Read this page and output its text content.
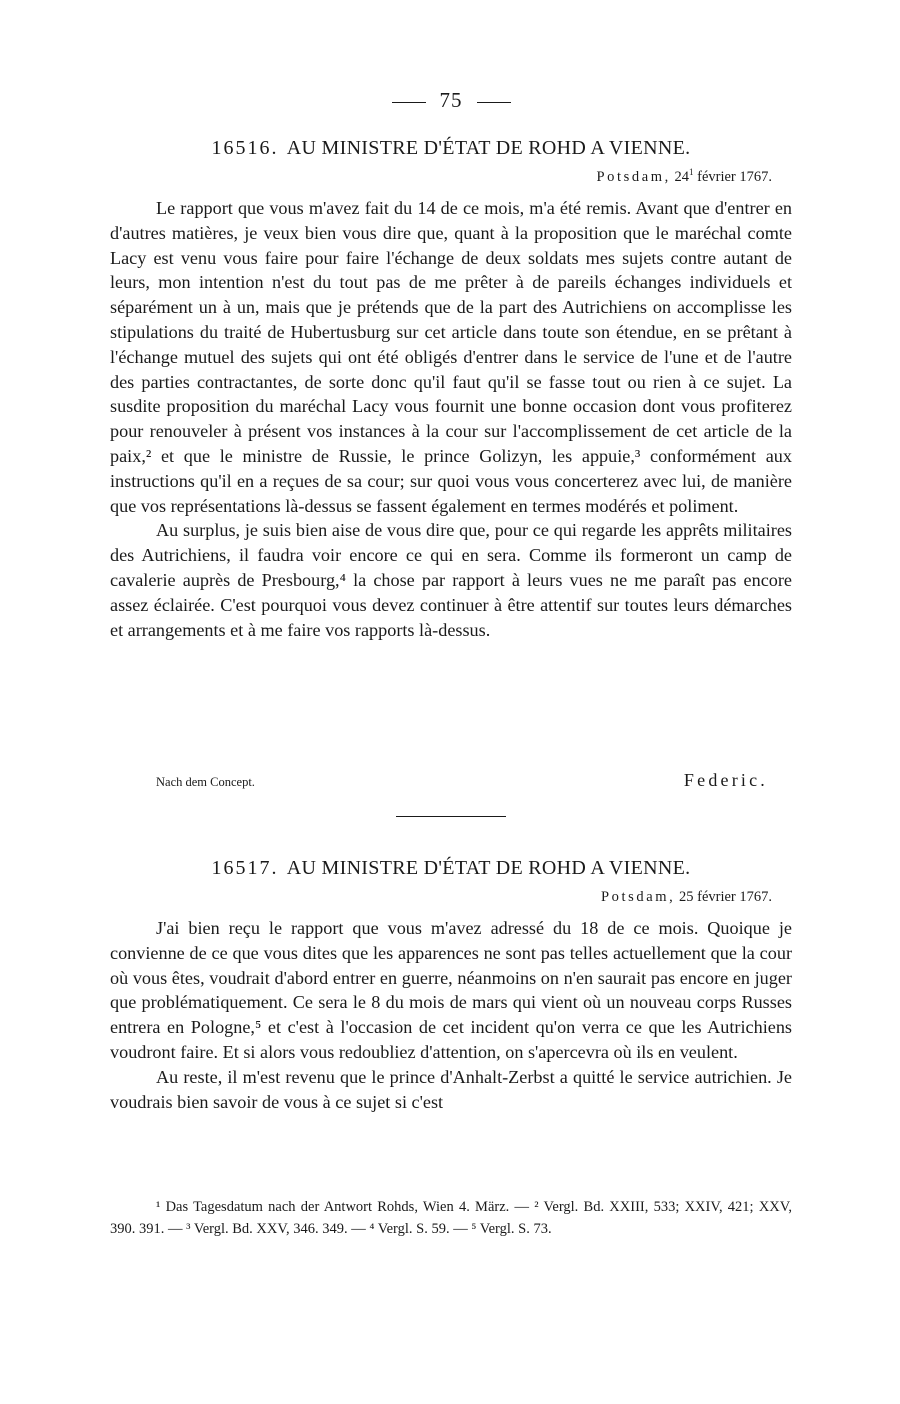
75
16516. AU MINISTRE D'ÉTAT DE ROHD A VIENNE.
Potsdam, $24^1$ février 1767.

Le rapport que vous m'avez fait du 14 de ce mois, m'a été remis. Avant que d'entrer en d'autres matières, je veux bien vous dire que, quant à la proposition que le maréchal comte Lacy est venu vous faire pour faire l'échange de deux soldats mes sujets contre autant de leurs, mon intention n'est du tout pas de me prêter à de pareils échanges individuels et séparément un à un, mais que je prétends que de la part des Autrichiens on accomplisse les stipulations du traité de Hubertusburg sur cet article dans toute son étendue, en se prêtant à l'échange mutuel des sujets qui ont été obligés d'entrer dans le service de l'une et de l'autre des parties contractantes, de sorte donc qu'il faut qu'il se fasse tout ou rien à ce sujet. La susdite proposition du maréchal Lacy vous fournit une bonne occasion dont vous profiterez pour renouveler à présent vos instances à la cour sur l'accomplissement de cet article de la paix,² et que le ministre de Russie, le prince Golizyn, les appuie,³ conformément aux instructions qu'il en a reçues de sa cour; sur quoi vous vous concerterez avec lui, de manière que vos représentations là-dessus se fassent également en termes modérés et poliment.

Au surplus, je suis bien aise de vous dire que, pour ce qui regarde les apprêts militaires des Autrichiens, il faudra voir encore ce qui en sera. Comme ils formeront un camp de cavalerie auprès de Presbourg,⁴ la chose par rapport à leurs vues ne me paraît pas encore assez éclairée. C'est pourquoi vous devez continuer à être attentif sur toutes leurs démarches et arrangements et à me faire vos rapports là-dessus.

Nach dem Concept.	Federic.
16517. AU MINISTRE D'ÉTAT DE ROHD A VIENNE.
Potsdam, 25 février 1767.

J'ai bien reçu le rapport que vous m'avez adressé du 18 de ce mois. Quoique je convienne de ce que vous dites que les apparences ne sont pas telles actuellement que la cour où vous êtes, voudrait d'abord entrer en guerre, néanmoins on n'en saurait pas encore en juger que problématiquement. Ce sera le 8 du mois de mars qui vient où un nouveau corps Russes entrera en Pologne,⁵ et c'est à l'occasion de cet incident qu'on verra ce que les Autrichiens voudront faire. Et si alors vous redoubliez d'attention, on s'apercevra où ils en veulent.

Au reste, il m'est revenu que le prince d'Anhalt-Zerbst a quitté le service autrichien. Je voudrais bien savoir de vous à ce sujet si c'est

¹ Das Tagesdatum nach der Antwort Rohds, Wien 4. März. — ² Vergl. Bd. XXIII, 533; XXIV, 421; XXV, 390. 391. — ³ Vergl. Bd. XXV, 346. 349. — ⁴ Vergl. S. 59. — ⁵ Vergl. S. 73.
